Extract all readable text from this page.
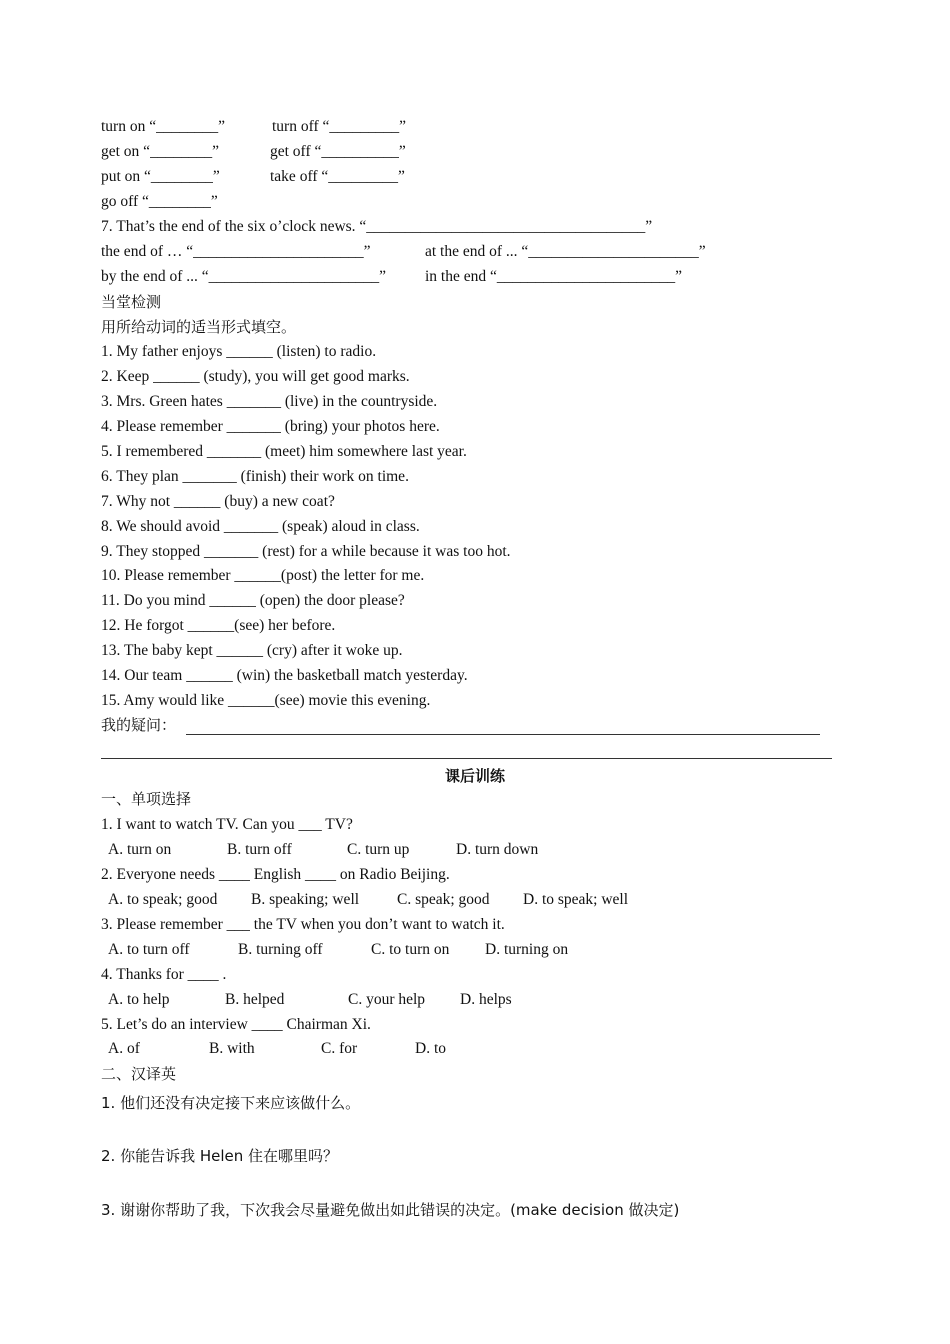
turn on “________”	turn off “_________”
get on “________”	get off “__________”
put on “________”	take off “_________”
go off “________”
7. That’s the end of the six o’clock news. “____________________________________”
the end of … “______________________”	at the end of ... “______________________”
by the end of ... “______________________”	in the end “_______________________”
当堂检测
用所给动词的适当形式填空。
1. My father enjoys ______ (listen) to radio.
2. Keep ______ (study), you will get good marks.
3. Mrs. Green hates _______ (live) in the countryside.
4. Please remember _______ (bring) your photos here.
5. I remembered _______ (meet) him somewhere last year.
6. They plan _______ (finish) their work on time.
7. Why not ______ (buy) a new coat?
8. We should avoid _______ (speak) aloud in class.
9. They stopped _______ (rest) for a while because it was too hot.
10. Please remember ______(post) the letter for me.
11. Do you mind ______ (open) the door please?
12. He forgot ______(see) her before.
13. The baby kept ______ (cry) after it woke up.
14. Our team ______ (win) the basketball match yesterday.
15. Amy would like ______(see) movie this evening.
我的疑问：
课后训练
一、单项选择
1. I want to watch TV. Can you ___ TV?
A. turn on	B. turn off	C. turn up	D. turn down
2. Everyone needs ____ English ____ on Radio Beijing.
A. to speak; good B. speaking; well C. speak; good D. to speak; well
3. Please remember ___ the TV when you don’t want to watch it.
A. to turn off	B. turning off	C. to turn on D. turning on
4. Thanks for ____ .
A. to help	B. helped	C. your help D. helps
5. Let’s do an interview ____ Chairman Xi.
A. of	B. with	C. for	D. to
二、汉译英
1. 他们还没有决定接下来应该做什么。
2. 你能告诉我 Helen 住在哪里吗？
3. 谢谢你帮助了我，下次我会尽量避免做出如此错误的决定。(make decision 做决定)
